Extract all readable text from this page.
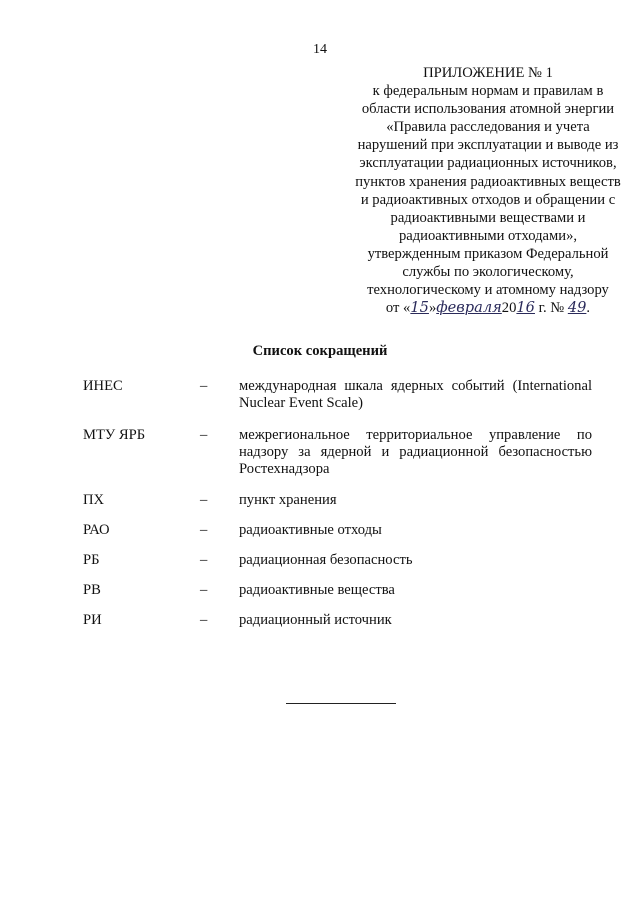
14
ПРИЛОЖЕНИЕ № 1
к федеральным нормам и правилам в
области использования атомной энергии
«Правила расследования и учета
нарушений при эксплуатации и выводе из
эксплуатации радиационных источников,
пунктов хранения радиоактивных веществ
и радиоактивных отходов и обращении с
радиоактивными веществами и
радиоактивными отходами»,
утвержденным приказом Федеральной
службы по экологическому,
технологическому и атомному надзору
от «15»февраля2016 г. № 49.
Список сокращений
ИНЕС	– международная шкала ядерных событий (International Nuclear Event Scale)
МТУ ЯРБ	– межрегиональное территориальное управление по надзору за ядерной и радиационной безопасностью Ростехнадзора
ПХ	– пункт хранения
РАО	– радиоактивные отходы
РБ	– радиационная безопасность
РВ	– радиоактивные вещества
РИ	– радиационный источник
